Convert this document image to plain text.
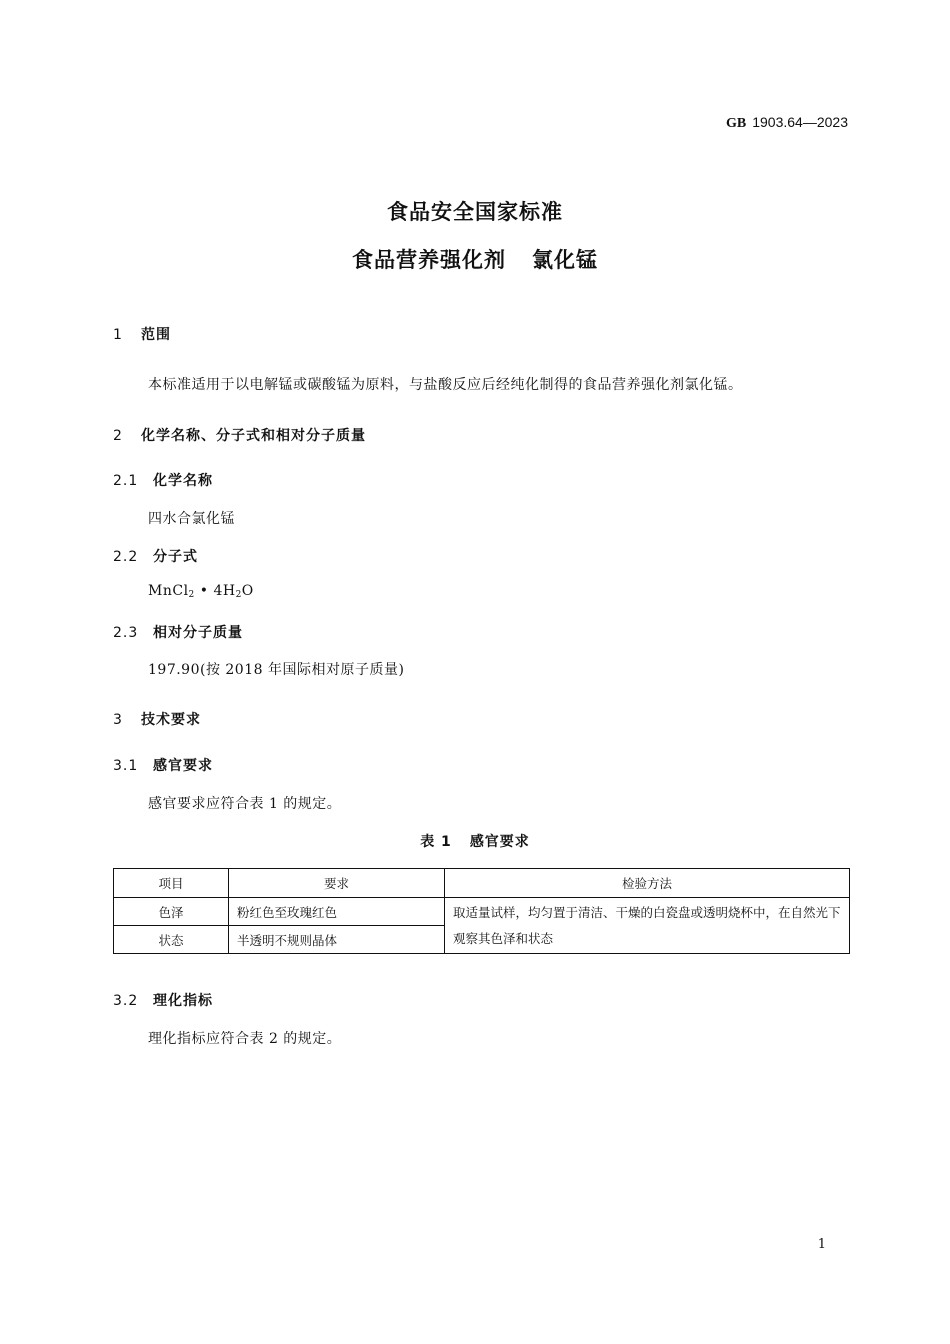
GB 1903.64—2023
食品安全国家标准
食品营养强化剂 氯化锰
1 范围
本标准适用于以电解锰或碳酸锰为原料，与盐酸反应后经纯化制得的食品营养强化剂氯化锰。
2 化学名称、分子式和相对分子质量
2.1 化学名称
四水合氯化锰
2.2 分子式
MnCl$_2$ • $4H_2O$
2.3 相对分子质量
197.90(按 2018 年国际相对原子质量)
3 技术要求
3.1 感官要求
感官要求应符合表 1 的规定。
表 1 感官要求
项目	要求	检验方法
色泽	粉红色至玫瑰红色	取适量试样，均匀置于清洁、干燥的白瓷盘或透明烧杯中，在自然光下观察其色泽和状态
状态	半透明不规则晶体	
3.2 理化指标
理化指标应符合表 2 的规定。
1
